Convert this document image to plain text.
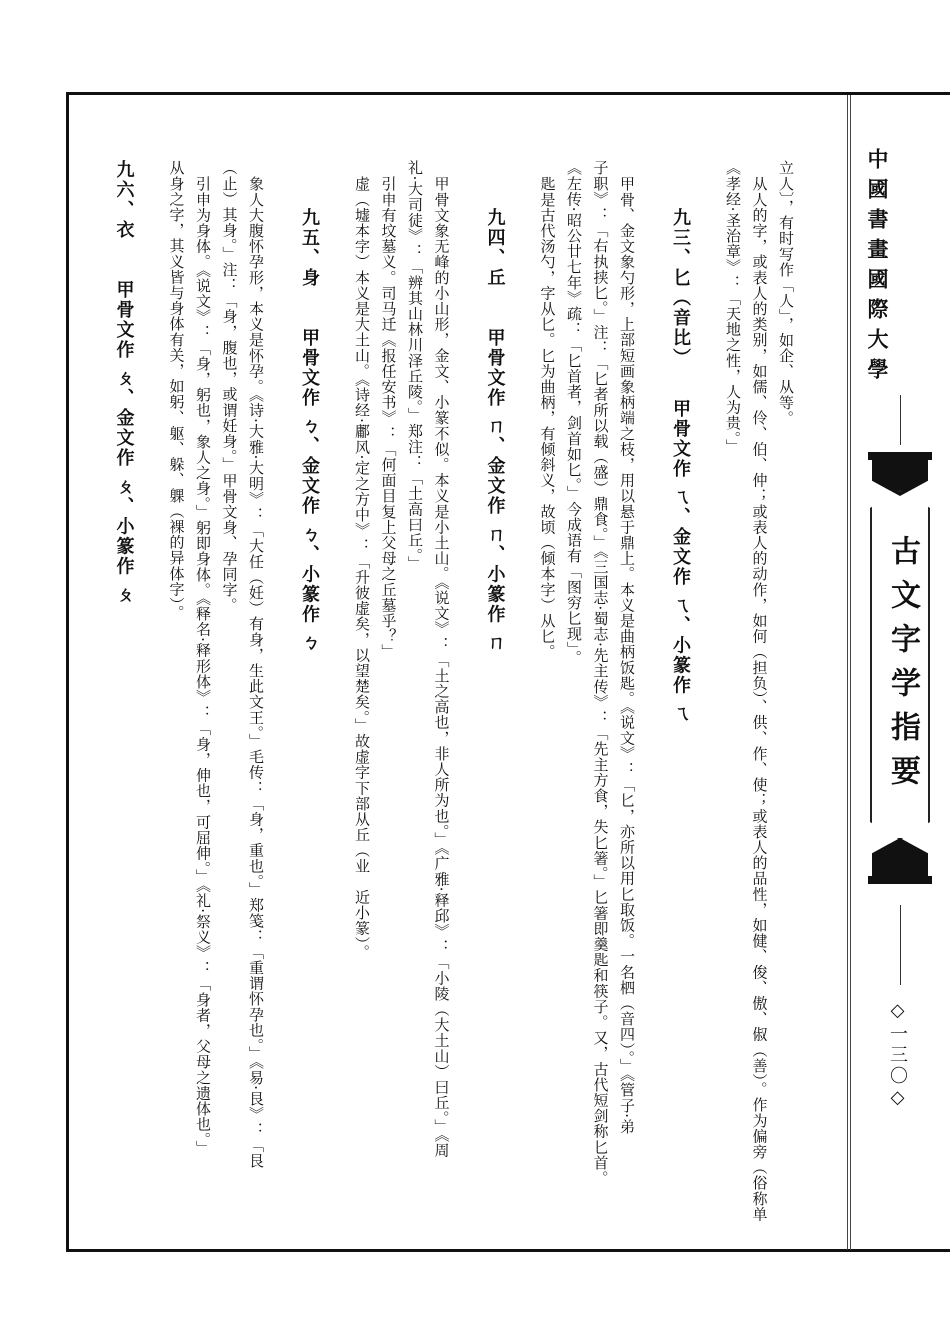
中國書畫國際大學
古文字学指要
◇一三〇◇
立人〕，有时写作「人」，如企、从等。
从人的字，或表人的类别，如儒、伶、伯、仲；或表人的动作，如何（担负）、供、作、使；或表人的品性，如健、俊、傲、俶（善）。作为偏旁（俗称单
《孝经·圣治章》：「天地之性，人为贵。」
九三、匕（音比）　　甲骨文作 ㄟ、金文作 ㄟ、小篆作 ㄟ
甲骨、金文象勺形，上部短画象柄端之枝，用以悬于鼎上。本义是曲柄饭匙。《说文》：「匕，亦所以用匕取饭。一名柶（音四）。」《管子·弟
子职》：「右执挟匕。」注：「匕者所以载（盛）鼎食。」《三国志·蜀志·先主传》：「先主方食，失匕箸。」匕箸即羹匙和筷子。又，古代短剑称匕首。
《左传·昭公廿七年》疏：「匕首者，剑首如匕。」今成语有「图穷匕现」。
匙是古代汤勺，字从匕。匕为曲柄，有倾斜义，故顷（倾本字）从匕。
九四、丘　　甲骨文作 ㄇ、金文作 ㄇ、小篆作 ㄇ
甲骨文象无峰的小山形，金文、小篆不似。本义是小土山。《说文》：「土之高也，非人所为也。」《广雅·释邱》：「小陵（大土山）曰丘。」《周
礼·大司徒》：「辨其山林川泽丘陵。」郑注：「土高曰丘。」
引申有坟墓义。司马迁《报任安书》：「何面目复上父母之丘墓乎？」
虚（墟本字）本义是大土山。《诗经·鄘风·定之方中》：「升彼虚矣，以望楚矣。」故虚字下部从丘（业　近小篆）。
九五、身　　甲骨文作 ㄅ、金文作 ㄅ、小篆作 ㄅ
象人大腹怀孕形，本义是怀孕。《诗·大雅·大明》：「大任（妊）有身，生此文王。」毛传：「身，重也。」郑笺：「重谓怀孕也。」《易·艮》：「艮
（止）其身。」注：「身，腹也，或谓妊身。」甲骨文身、孕同字。
引申为身体。《说文》：「身，躬也，象人之身。」躬即身体。《释名·释形体》：「身，伸也，可屈伸。」《礼·祭义》：「身者，父母之遗体也。」
从身之字，其义皆与身体有关，如躬、躯、躲、躶（裸的异体字）。
九六、衣　　甲骨文作 ㄆ、金文作 ㄆ、小篆作 ㄆ
